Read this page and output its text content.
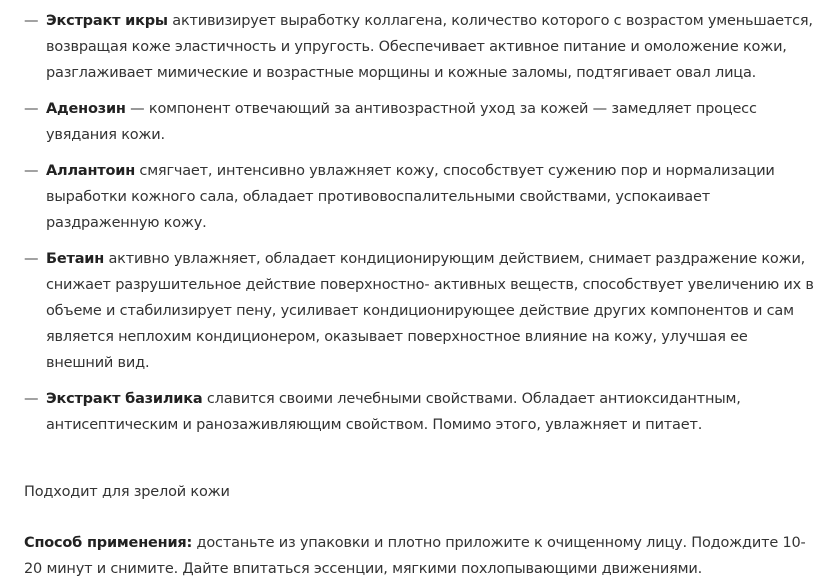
— Экстракт икры активизирует выработку коллагена, количество которого с возрастом уменьшается, возвращая коже эластичность и упругость. Обеспечивает активное питание и омоложение кожи, разглаживает мимические и возрастные морщины и кожные заломы, подтягивает овал лица.
— Аденозин — компонент отвечающий за антивозрастной уход за кожей — замедляет процесс увядания кожи.
— Аллантоин смягчает, интенсивно увлажняет кожу, способствует сужению пор и нормализации выработки кожного сала, обладает противовоспалительными свойствами, успокаивает раздраженную кожу.
— Бетаин активно увлажняет, обладает кондиционирующим действием, снимает раздражение кожи, снижает разрушительное действие поверхностно- активных веществ, способствует увеличению их в объеме и стабилизирует пену, усиливает кондиционирующее действие других компонентов и сам является неплохим кондиционером, оказывает поверхностное влияние на кожу, улучшая ее внешний вид.
— Экстракт базилика славится своими лечебными свойствами. Обладает антиоксидантным, антисептическим и ранозаживляющим свойством. Помимо этого, увлажняет и питает.

Подходит для зрелой кожи

Способ применения: достаньте из упаковки и плотно приложите к очищенному лицу. Подождите 10-20 минут и снимите. Дайте впитаться эссенции, мягкими похлопывающими движениями.
